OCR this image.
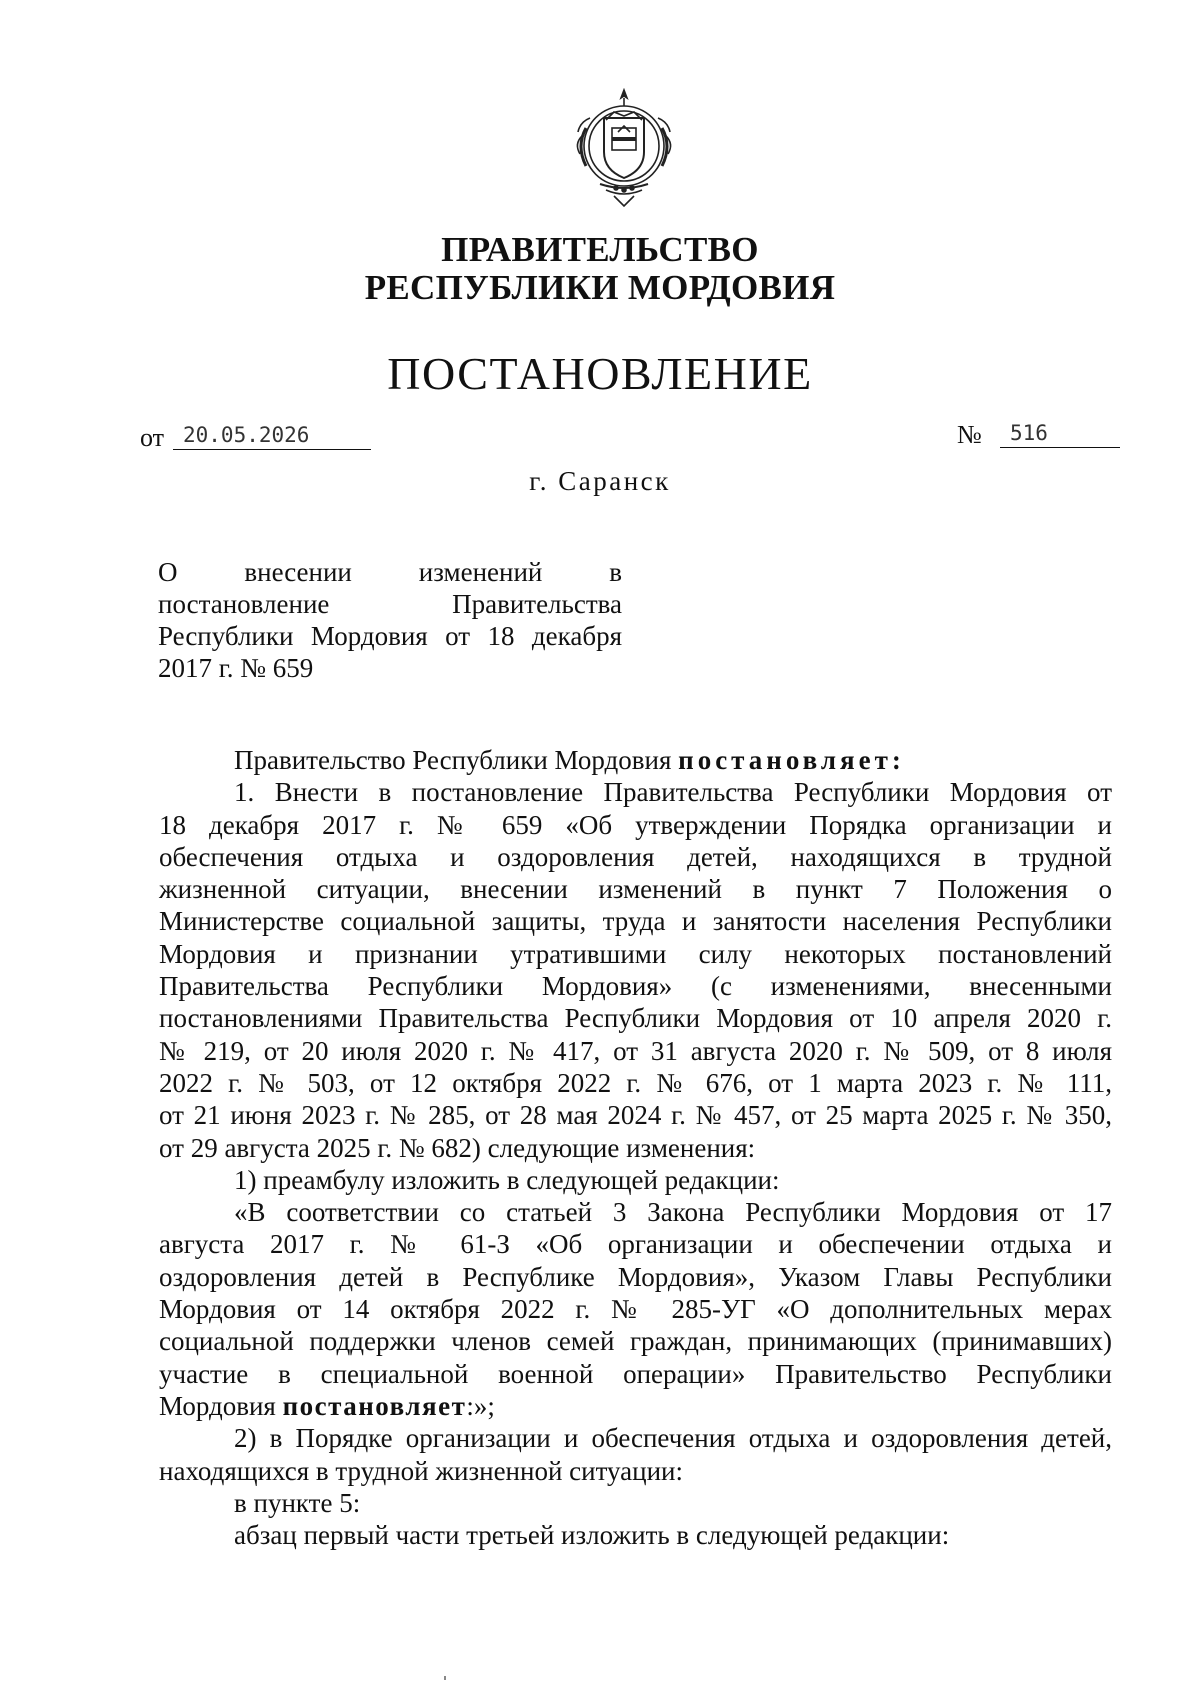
ПРАВИТЕЛЬСТВО
РЕСПУБЛИКИ МОРДОВИЯ
ПОСТАНОВЛЕНИЕ
от 20.05.2026	№	516
г. Саранск
О внесении изменений в
постановление Правительства
Республики Мордовия от 18 декабря
2017 г. № 659
Правительство Республики Мордовия постановляет:
1. Внести в постановление Правительства Республики Мордовия от
18 декабря 2017 г. № 659 «Об утверждении Порядка организации и
обеспечения отдыха и оздоровления детей, находящихся в трудной
жизненной ситуации, внесении изменений в пункт 7 Положения о
Министерстве социальной защиты, труда и занятости населения Республики
Мордовия и признании утратившими силу некоторых постановлений
Правительства Республики Мордовия» (с изменениями, внесенными
постановлениями Правительства Республики Мордовия от 10 апреля 2020 г.
№ 219, от 20 июля 2020 г. № 417, от 31 августа 2020 г. № 509, от 8 июля
2022 г. № 503, от 12 октября 2022 г. № 676, от 1 марта 2023 г. № 111,
от 21 июня 2023 г. № 285, от 28 мая 2024 г. № 457, от 25 марта 2025 г. № 350,
от 29 августа 2025 г. № 682) следующие изменения:
1) преамбулу изложить в следующей редакции:
«В соответствии со статьей 3 Закона Республики Мордовия от 17
августа 2017 г. № 61-З «Об организации и обеспечении отдыха и
оздоровления детей в Республике Мордовия», Указом Главы Республики
Мордовия от 14 октября 2022 г. № 285-УГ «О дополнительных мерах
социальной поддержки членов семей граждан, принимающих (принимавших)
участие в специальной военной операции» Правительство Республики
Мордовия постановляет:»;
2) в Порядке организации и обеспечения отдыха и оздоровления детей,
находящихся в трудной жизненной ситуации:
в пункте 5:
абзац первый части третьей изложить в следующей редакции:
